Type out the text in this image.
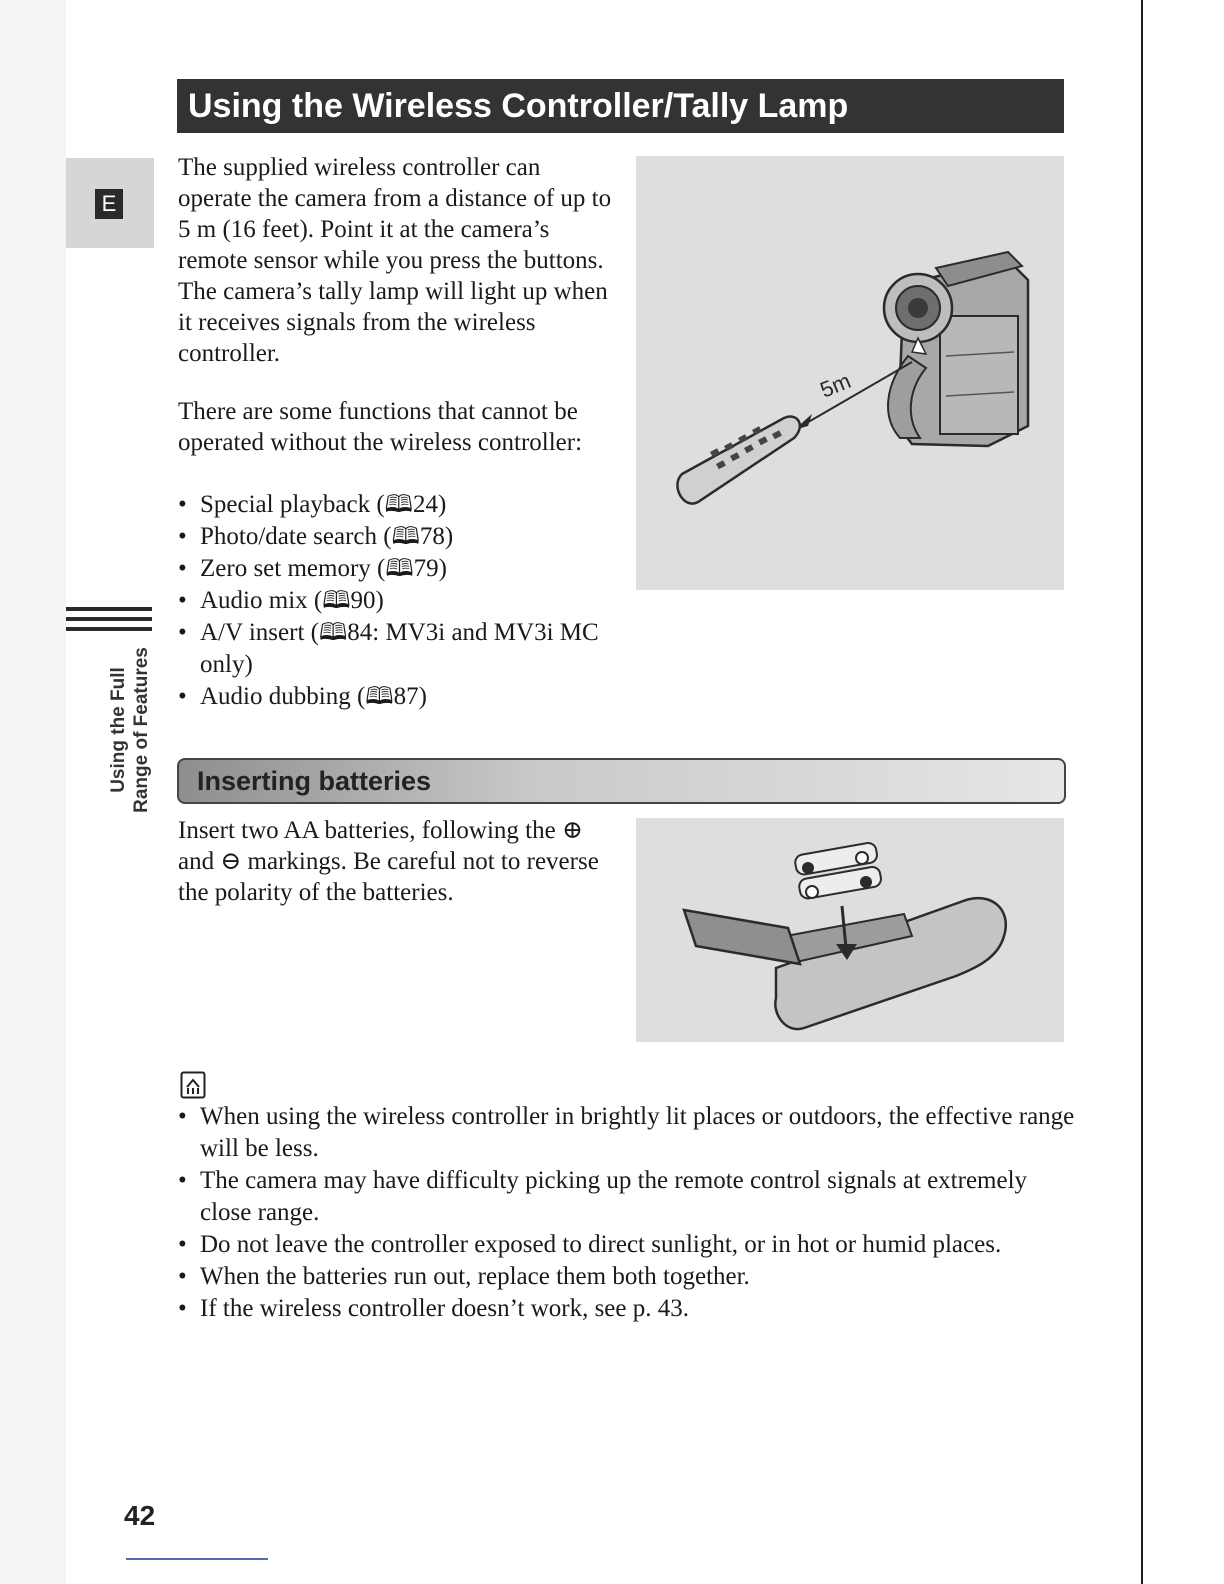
E
Using the Full Range of Features
Using the Wireless Controller/Tally Lamp

The supplied wireless controller can operate the camera from a distance of up to 5 m (16 feet). Point it at the camera’s remote sensor while you press the buttons. The camera’s tally lamp will light up when it receives signals from the wireless controller.

There are some functions that cannot be operated without the wireless controller:

• Special playback (🕮24)
• Photo/date search (🕮78)
• Zero set memory (🕮79)
• Audio mix (🕮90)
• A/V insert (🕮84: MV3i and MV3i MC only)
• Audio dubbing (🕮87)
5m
Inserting batteries

Insert two AA batteries, following the ⊕ and ⊖ markings. Be careful not to reverse the polarity of the batteries.

• When using the wireless controller in brightly lit places or outdoors, the effective range will be less.
• The camera may have difficulty picking up the remote control signals at extremely close range.
• Do not leave the controller exposed to direct sunlight, or in hot or humid places.
• When the batteries run out, replace them both together.
• If the wireless controller doesn’t work, see p. 43.
42
